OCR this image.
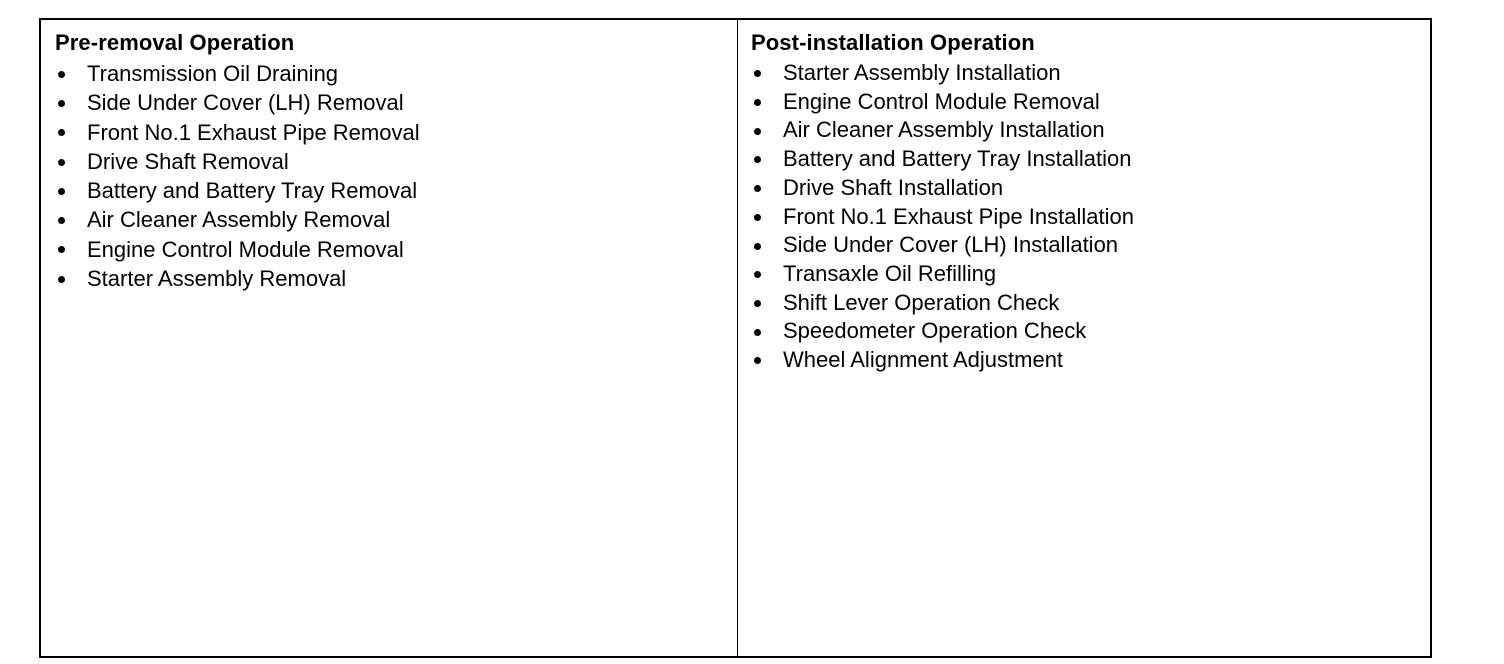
Pre-removal Operation
Transmission Oil Draining
Side Under Cover (LH) Removal
Front No.1 Exhaust Pipe Removal
Drive Shaft Removal
Battery and Battery Tray Removal
Air Cleaner Assembly Removal
Engine Control Module Removal
Starter Assembly Removal
Post-installation Operation
Starter Assembly Installation
Engine Control Module Removal
Air Cleaner Assembly Installation
Battery and Battery Tray Installation
Drive Shaft Installation
Front No.1 Exhaust Pipe Installation
Side Under Cover (LH) Installation
Transaxle Oil Refilling
Shift Lever Operation Check
Speedometer Operation Check
Wheel Alignment Adjustment
